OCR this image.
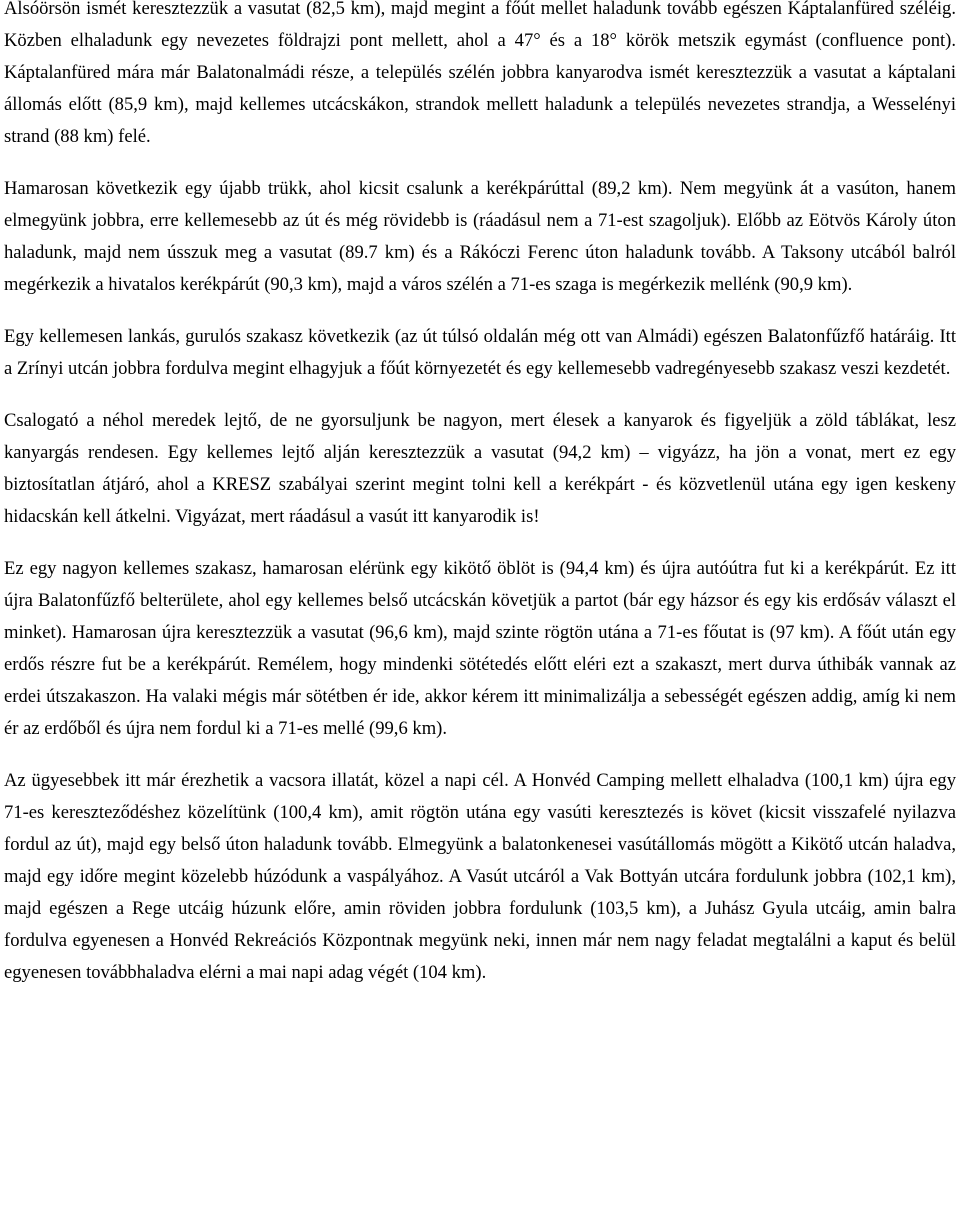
Alsóörsön ismét keresztezzük a vasutat (82,5 km), majd megint a főút mellet haladunk tovább egészen Káptalanfüred széléig. Közben elhaladunk egy nevezetes földrajzi pont mellett, ahol a 47° és a 18° körök metszik egymást (confluence pont). Káptalanfüred mára már Balatonalmádi része, a település szélén jobbra kanyarodva ismét keresztezzük a vasutat a káptalani állomás előtt (85,9 km), majd kellemes utcácskákon, strandok mellett haladunk a település nevezetes strandja, a Wesselényi strand (88 km) felé.

Hamarosan következik egy újabb trükk, ahol kicsit csalunk a kerékpárúttal (89,2 km). Nem megyünk át a vasúton, hanem elmegyünk jobbra, erre kellemesebb az út és még rövidebb is (ráadásul nem a 71-est szagoljuk). Előbb az Eötvös Károly úton haladunk, majd nem ússzuk meg a vasutat (89.7 km) és a Rákóczi Ferenc úton haladunk tovább. A Taksony utcából balról megérkezik a hivatalos kerékpárút (90,3 km), majd a város szélén a 71-es szaga is megérkezik mellénk (90,9 km).

Egy kellemesen lankás, gurulós szakasz következik (az út túlsó oldalán még ott van Almádi) egészen Balatonfűzfő határáig. Itt a Zrínyi utcán jobbra fordulva megint elhagyjuk a főút környezetét és egy kellemesebb vadregényesebb szakasz veszi kezdetét.

Csalogató a néhol meredek lejtő, de ne gyorsuljunk be nagyon, mert élesek a kanyarok és figyeljük a zöld táblákat, lesz kanyargás rendesen. Egy kellemes lejtő alján keresztezzük a vasutat (94,2 km) – vigyázz, ha jön a vonat, mert ez egy biztosítatlan átjáró, ahol a KRESZ szabályai szerint megint tolni kell a kerékpárt - és közvetlenül utána egy igen keskeny hidacskán kell átkelni. Vigyázat, mert ráadásul a vasút itt kanyarodik is!

Ez egy nagyon kellemes szakasz, hamarosan elérünk egy kikötő öblöt is (94,4 km) és újra autóútra fut ki a kerékpárút. Ez itt újra Balatonfűzfő belterülete, ahol egy kellemes belső utcácskán követjük a partot (bár egy házsor és egy kis erdősáv választ el minket). Hamarosan újra keresztezzük a vasutat (96,6 km), majd szinte rögtön utána a 71-es főutat is (97 km). A főút után egy erdős részre fut be a kerékpárút. Remélem, hogy mindenki sötétedés előtt eléri ezt a szakaszt, mert durva úthibák vannak az erdei útszakaszon. Ha valaki mégis már sötétben ér ide, akkor kérem itt minimalizálja a sebességét egészen addig, amíg ki nem ér az erdőből és újra nem fordul ki a 71-es mellé (99,6 km).

Az ügyesebbek itt már érezhetik a vacsora illatát, közel a napi cél. A Honvéd Camping mellett elhaladva (100,1 km) újra egy 71-es kereszteződéshez közelítünk (100,4 km), amit rögtön utána egy vasúti keresztezés is követ (kicsit visszafelé nyilazva fordul az út), majd egy belső úton haladunk tovább. Elmegyünk a balatonkenesei vasútállomás mögött a Kikötő utcán haladva, majd egy időre megint közelebb húzódunk a vaspályához. A Vasút utcáról a Vak Bottyán utcára fordulunk jobbra (102,1 km), majd egészen a Rege utcáig húzunk előre, amin röviden jobbra fordulunk (103,5 km), a Juhász Gyula utcáig, amin balra fordulva egyenesen a Honvéd Rekreációs Központnak megyünk neki, innen már nem nagy feladat megtalálni a kaput és belül egyenesen továbbhaladva elérni a mai napi adag végét (104 km).
